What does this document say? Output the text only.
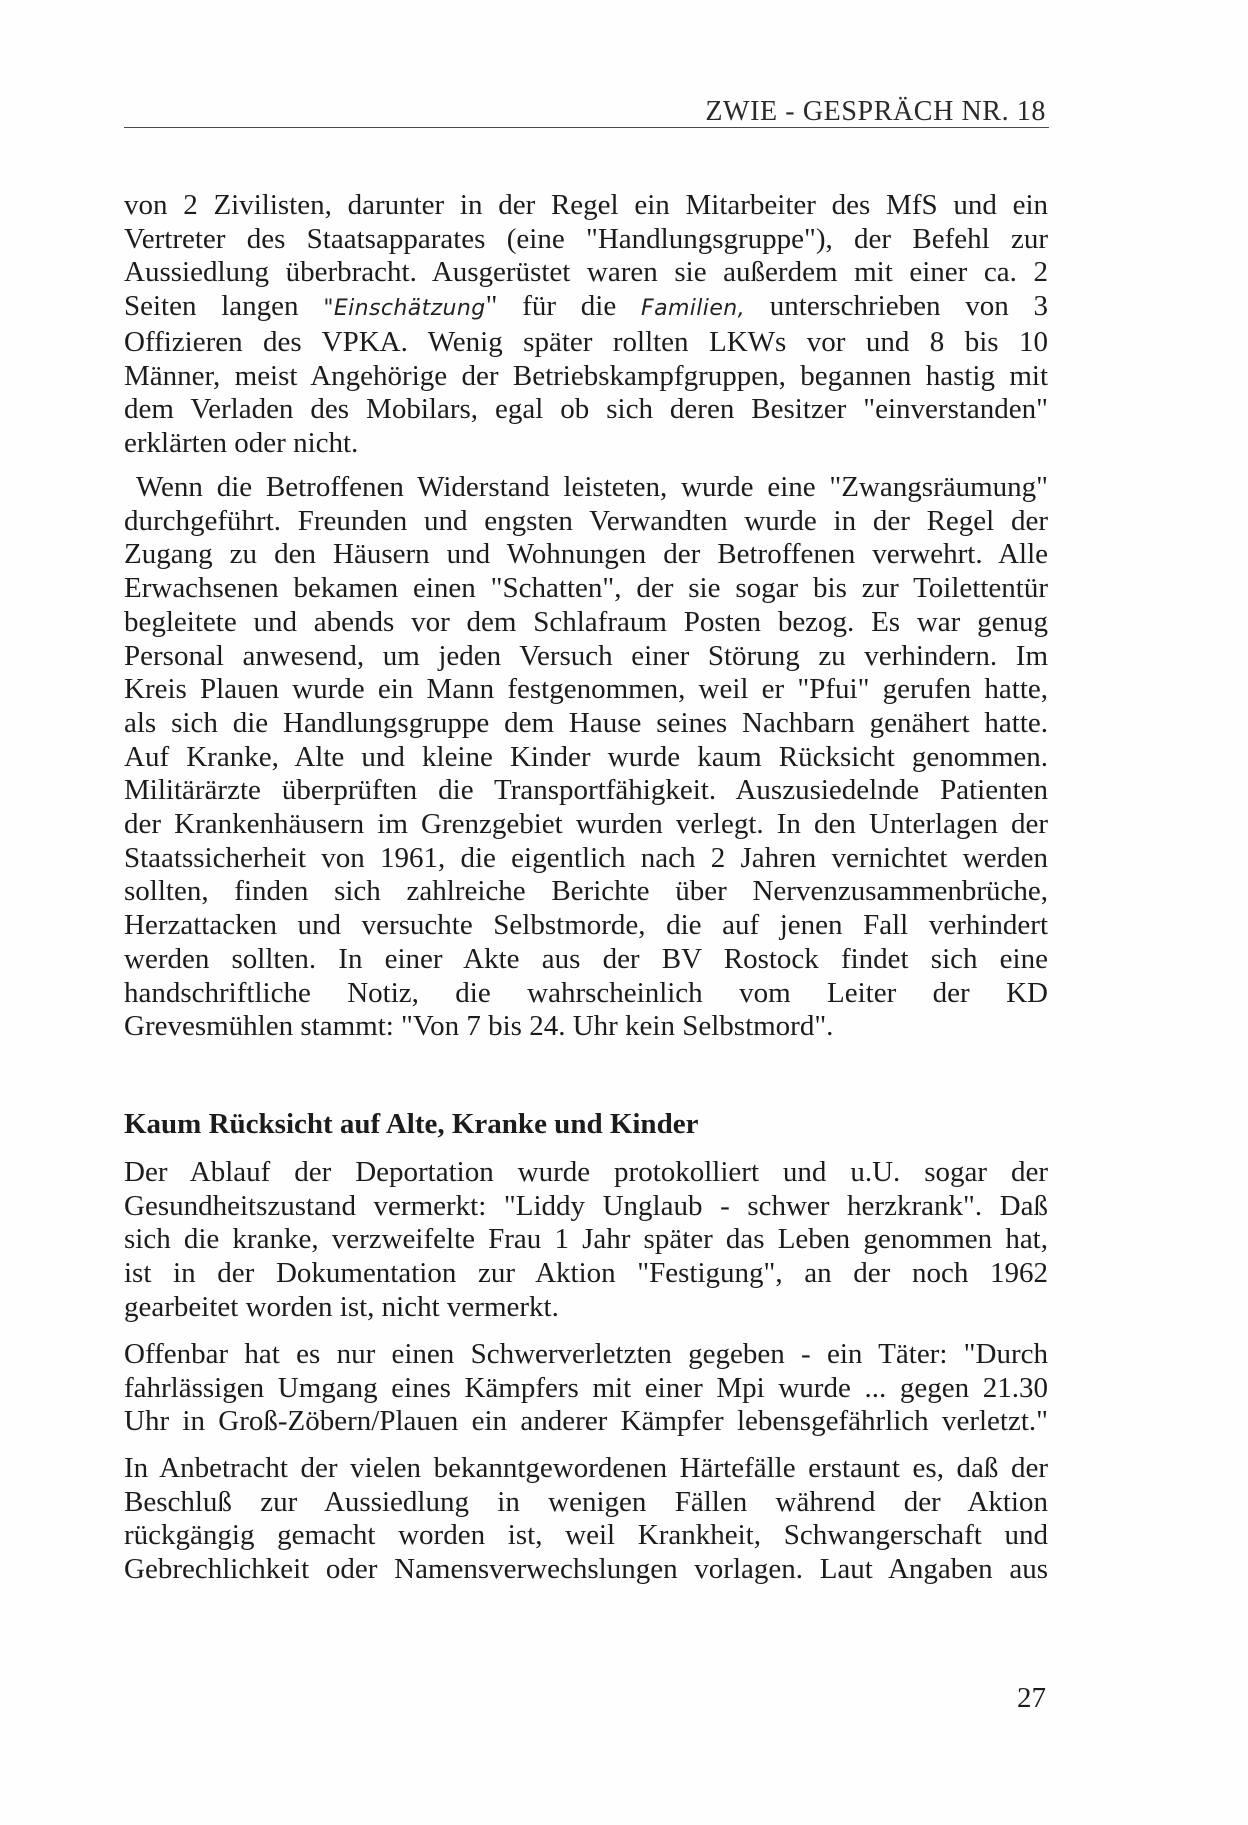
ZWIE - GESPRÄCH NR. 18
von 2 Zivilisten, darunter in der Regel ein Mitarbeiter des MfS und ein
Vertreter des Staatsapparates (eine "Handlungsgruppe"), der Befehl zur
Aussiedlung überbracht. Ausgerüstet waren sie außerdem mit einer ca. 2
Seiten langen "Einschätzung" für die Familien, unterschrieben von 3
Offizieren des VPKA. Wenig später rollten LKWs vor und 8 bis 10
Männer, meist Angehörige der Betriebskampfgruppen, begannen hastig mit
dem Verladen des Mobilars, egal ob sich deren Besitzer "einverstanden"
erklärten oder nicht.
Wenn die Betroffenen Widerstand leisteten, wurde eine "Zwangsräumung"
durchgeführt. Freunden und engsten Verwandten wurde in der Regel der
Zugang zu den Häusern und Wohnungen der Betroffenen verwehrt. Alle
Erwachsenen bekamen einen "Schatten", der sie sogar bis zur Toilettentür
begleitete und abends vor dem Schlafraum Posten bezog. Es war genug
Personal anwesend, um jeden Versuch einer Störung zu verhindern. Im
Kreis Plauen wurde ein Mann festgenommen, weil er "Pfui" gerufen hatte,
als sich die Handlungsgruppe dem Hause seines Nachbarn genähert hatte.
Auf Kranke, Alte und kleine Kinder wurde kaum Rücksicht genommen.
Militärärzte überprüften die Transportfähigkeit. Auszusiedelnde Patienten
der Krankenhäusern im Grenzgebiet wurden verlegt. In den Unterlagen der
Staatssicherheit von 1961, die eigentlich nach 2 Jahren vernichtet werden
sollten, finden sich zahlreiche Berichte über Nervenzusammenbrüche,
Herzattacken und versuchte Selbstmorde, die auf jenen Fall verhindert
werden sollten. In einer Akte aus der BV Rostock findet sich eine
handschriftliche Notiz, die wahrscheinlich vom Leiter der KD
Grevesmühlen stammt: "Von 7 bis 24. Uhr kein Selbstmord".
Kaum Rücksicht auf Alte, Kranke und Kinder
Der Ablauf der Deportation wurde protokolliert und u.U. sogar der
Gesundheitszustand vermerkt: "Liddy Unglaub - schwer herzkrank". Daß
sich die kranke, verzweifelte Frau 1 Jahr später das Leben genommen hat,
ist in der Dokumentation zur Aktion "Festigung", an der noch 1962
gearbeitet worden ist, nicht vermerkt.
Offenbar hat es nur einen Schwerverletzten gegeben - ein Täter: "Durch
fahrlässigen Umgang eines Kämpfers mit einer Mpi wurde ... gegen 21.30
Uhr in Groß-Zöbern/Plauen ein anderer Kämpfer lebensgefährlich verletzt."
In Anbetracht der vielen bekanntgewordenen Härtefälle erstaunt es, daß der
Beschluß zur Aussiedlung in wenigen Fällen während der Aktion
rückgängig gemacht worden ist, weil Krankheit, Schwangerschaft und
Gebrechlichkeit oder Namensverwechslungen vorlagen. Laut Angaben aus
27
